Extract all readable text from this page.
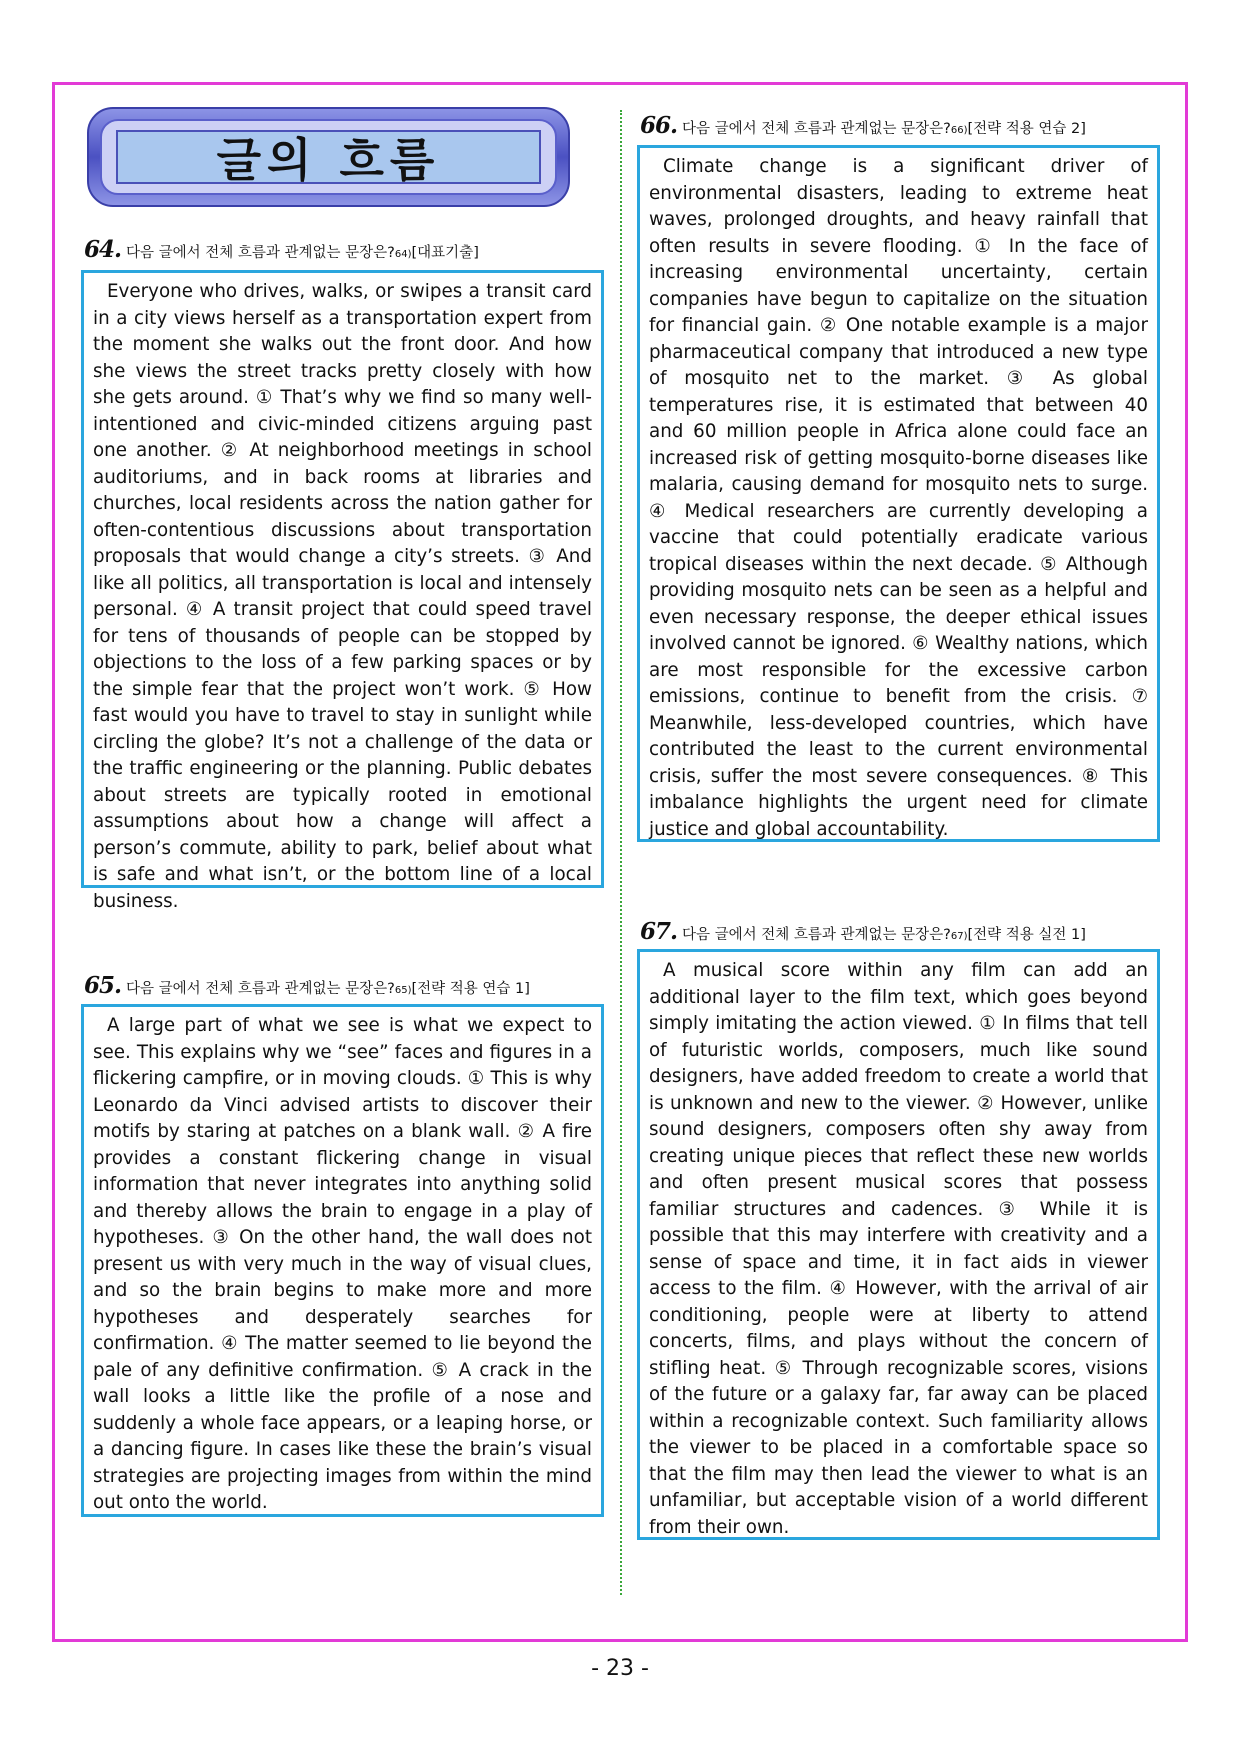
글의 흐름
64. 다음 글에서 전체 흐름과 관계없는 문장은? 64) [대표기출]

Everyone who drives, walks, or swipes a transit card in a city views herself as a transportation expert from the moment she walks out the front door. And how she views the street tracks pretty closely with how she gets around. ① That’s why we find so many well-intentioned and civic-minded citizens arguing past one another. ② At neighborhood meetings in school auditoriums, and in back rooms at libraries and churches, local residents across the nation gather for often-contentious discussions about transportation proposals that would change a city’s streets. ③ And like all politics, all transportation is local and intensely personal. ④ A transit project that could speed travel for tens of thousands of people can be stopped by objections to the loss of a few parking spaces or by the simple fear that the project won’t work. ⑤ How fast would you have to travel to stay in sunlight while circling the globe? It’s not a challenge of the data or the traffic engineering or the planning. Public debates about streets are typically rooted in emotional assumptions about how a change will affect a person’s commute, ability to park, belief about what is safe and what isn’t, or the bottom line of a local business.

65. 다음 글에서 전체 흐름과 관계없는 문장은? 65) [전략 적용 연습 1]

A large part of what we see is what we expect to see. This explains why we “see” faces and figures in a flickering campfire, or in moving clouds. ① This is why Leonardo da Vinci advised artists to discover their motifs by staring at patches on a blank wall. ② A fire provides a constant flickering change in visual information that never integrates into anything solid and thereby allows the brain to engage in a play of hypotheses. ③ On the other hand, the wall does not present us with very much in the way of visual clues, and so the brain begins to make more and more hypotheses and desperately searches for confirmation. ④ The matter seemed to lie beyond the pale of any definitive confirmation. ⑤ A crack in the wall looks a little like the profile of a nose and suddenly a whole face appears, or a leaping horse, or a dancing figure. In cases like these the brain’s visual strategies are projecting images from within the mind out onto the world.

66. 다음 글에서 전체 흐름과 관계없는 문장은? 66) [전략 적용 연습 2]

Climate change is a significant driver of environmental disasters, leading to extreme heat waves, prolonged droughts, and heavy rainfall that often results in severe flooding. ① In the face of increasing environmental uncertainty, certain companies have begun to capitalize on the situation for financial gain. ② One notable example is a major pharmaceutical company that introduced a new type of mosquito net to the market. ③ As global temperatures rise, it is estimated that between 40 and 60 million people in Africa alone could face an increased risk of getting mosquito-borne diseases like malaria, causing demand for mosquito nets to surge. ④ Medical researchers are currently developing a vaccine that could potentially eradicate various tropical diseases within the next decade. ⑤ Although providing mosquito nets can be seen as a helpful and even necessary response, the deeper ethical issues involved cannot be ignored. ⑥ Wealthy nations, which are most responsible for the excessive carbon emissions, continue to benefit from the crisis. ⑦ Meanwhile, less-developed countries, which have contributed the least to the current environmental crisis, suffer the most severe consequences. ⑧ This imbalance highlights the urgent need for climate justice and global accountability.

67. 다음 글에서 전체 흐름과 관계없는 문장은? 67) [전략 적용 실전 1]

A musical score within any film can add an additional layer to the film text, which goes beyond simply imitating the action viewed. ① In films that tell of futuristic worlds, composers, much like sound designers, have added freedom to create a world that is unknown and new to the viewer. ② However, unlike sound designers, composers often shy away from creating unique pieces that reflect these new worlds and often present musical scores that possess familiar structures and cadences. ③ While it is possible that this may interfere with creativity and a sense of space and time, it in fact aids in viewer access to the film. ④ However, with the arrival of air conditioning, people were at liberty to attend concerts, films, and plays without the concern of stifling heat. ⑤ Through recognizable scores, visions of the future or a galaxy far, far away can be placed within a recognizable context. Such familiarity allows the viewer to be placed in a comfortable space so that the film may then lead the viewer to what is an unfamiliar, but acceptable vision of a world different from their own.

- 23 -
